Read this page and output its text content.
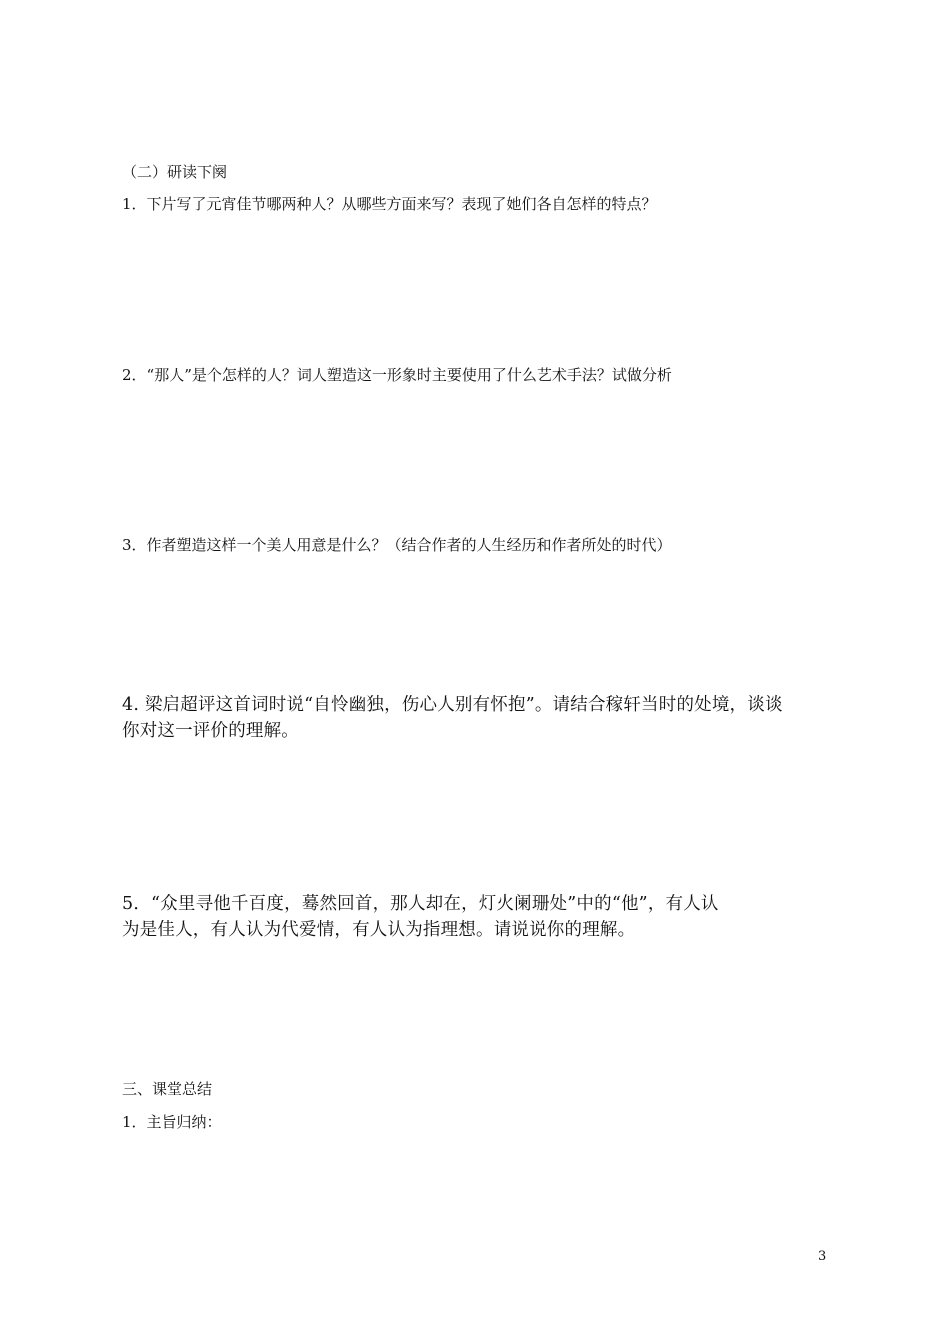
（二）研读下阕
1．下片写了元宵佳节哪两种人？从哪些方面来写？表现了她们各自怎样的特点？
2．“那人”是个怎样的人？词人塑造这一形象时主要使用了什么艺术手法？试做分析
3．作者塑造这样一个美人用意是什么？（结合作者的人生经历和作者所处的时代）
4. 梁启超评这首词时说“自怜幽独，伤心人别有怀抱”。请结合稼轩当时的处境，谈谈
你对这一评价的理解。
5．“众里寻他千百度，蓦然回首，那人却在，灯火阑珊处”中的“他”，有人认
为是佳人，有人认为代爱情，有人认为指理想。请说说你的理解。
三、课堂总结
1．主旨归纳：
3
